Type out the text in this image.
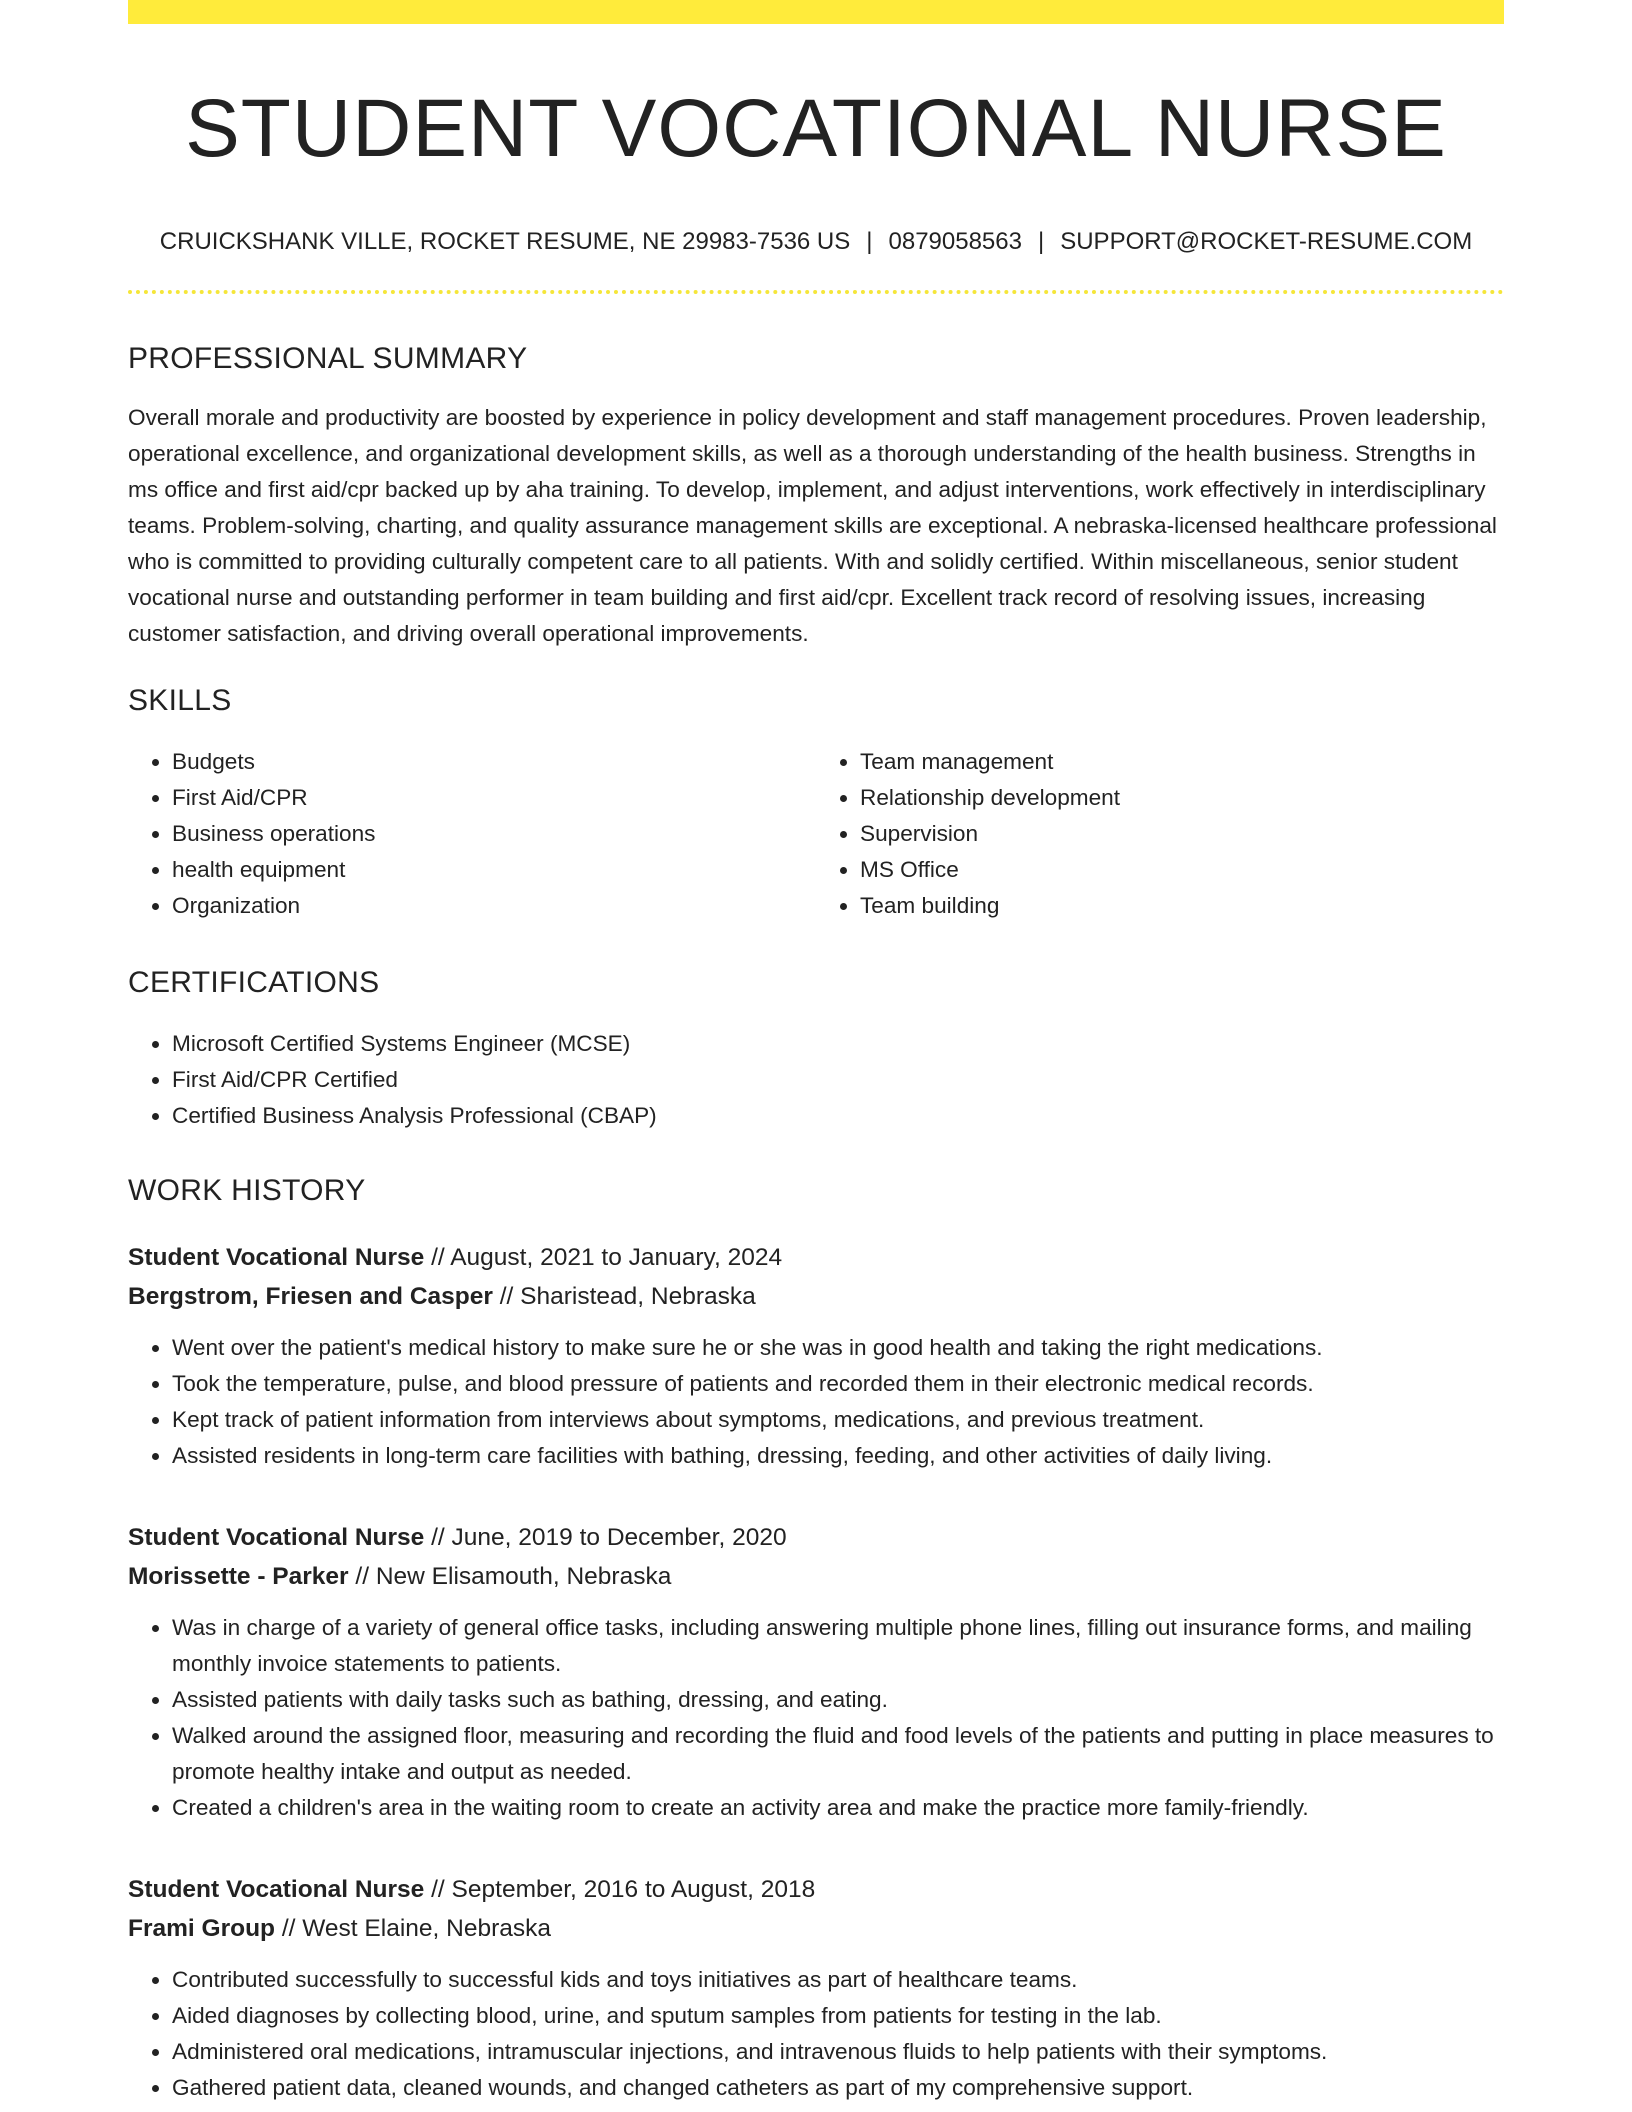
STUDENT VOCATIONAL NURSE
CRUICKSHANK VILLE, ROCKET RESUME, NE 29983-7536 US | 0879058563 | SUPPORT@ROCKET-RESUME.COM
PROFESSIONAL SUMMARY
Overall morale and productivity are boosted by experience in policy development and staff management procedures. Proven leadership, operational excellence, and organizational development skills, as well as a thorough understanding of the health business. Strengths in ms office and first aid/cpr backed up by aha training. To develop, implement, and adjust interventions, work effectively in interdisciplinary teams. Problem-solving, charting, and quality assurance management skills are exceptional. A nebraska-licensed healthcare professional who is committed to providing culturally competent care to all patients. With and solidly certified. Within miscellaneous, senior student vocational nurse and outstanding performer in team building and first aid/cpr. Excellent track record of resolving issues, increasing customer satisfaction, and driving overall operational improvements.
SKILLS
• Budgets
• First Aid/CPR
• Business operations
• health equipment
• Organization
• Team management
• Relationship development
• Supervision
• MS Office
• Team building
CERTIFICATIONS
• Microsoft Certified Systems Engineer (MCSE)
• First Aid/CPR Certified
• Certified Business Analysis Professional (CBAP)
WORK HISTORY
Student Vocational Nurse // August, 2021 to January, 2024
Bergstrom, Friesen and Casper // Sharistead, Nebraska
• Went over the patient's medical history to make sure he or she was in good health and taking the right medications.
• Took the temperature, pulse, and blood pressure of patients and recorded them in their electronic medical records.
• Kept track of patient information from interviews about symptoms, medications, and previous treatment.
• Assisted residents in long-term care facilities with bathing, dressing, feeding, and other activities of daily living.
Student Vocational Nurse // June, 2019 to December, 2020
Morissette - Parker // New Elisamouth, Nebraska
• Was in charge of a variety of general office tasks, including answering multiple phone lines, filling out insurance forms, and mailing monthly invoice statements to patients.
• Assisted patients with daily tasks such as bathing, dressing, and eating.
• Walked around the assigned floor, measuring and recording the fluid and food levels of the patients and putting in place measures to promote healthy intake and output as needed.
• Created a children's area in the waiting room to create an activity area and make the practice more family-friendly.
Student Vocational Nurse // September, 2016 to August, 2018
Frami Group // West Elaine, Nebraska
• Contributed successfully to successful kids and toys initiatives as part of healthcare teams.
• Aided diagnoses by collecting blood, urine, and sputum samples from patients for testing in the lab.
• Administered oral medications, intramuscular injections, and intravenous fluids to help patients with their symptoms.
• Gathered patient data, cleaned wounds, and changed catheters as part of my comprehensive support.
